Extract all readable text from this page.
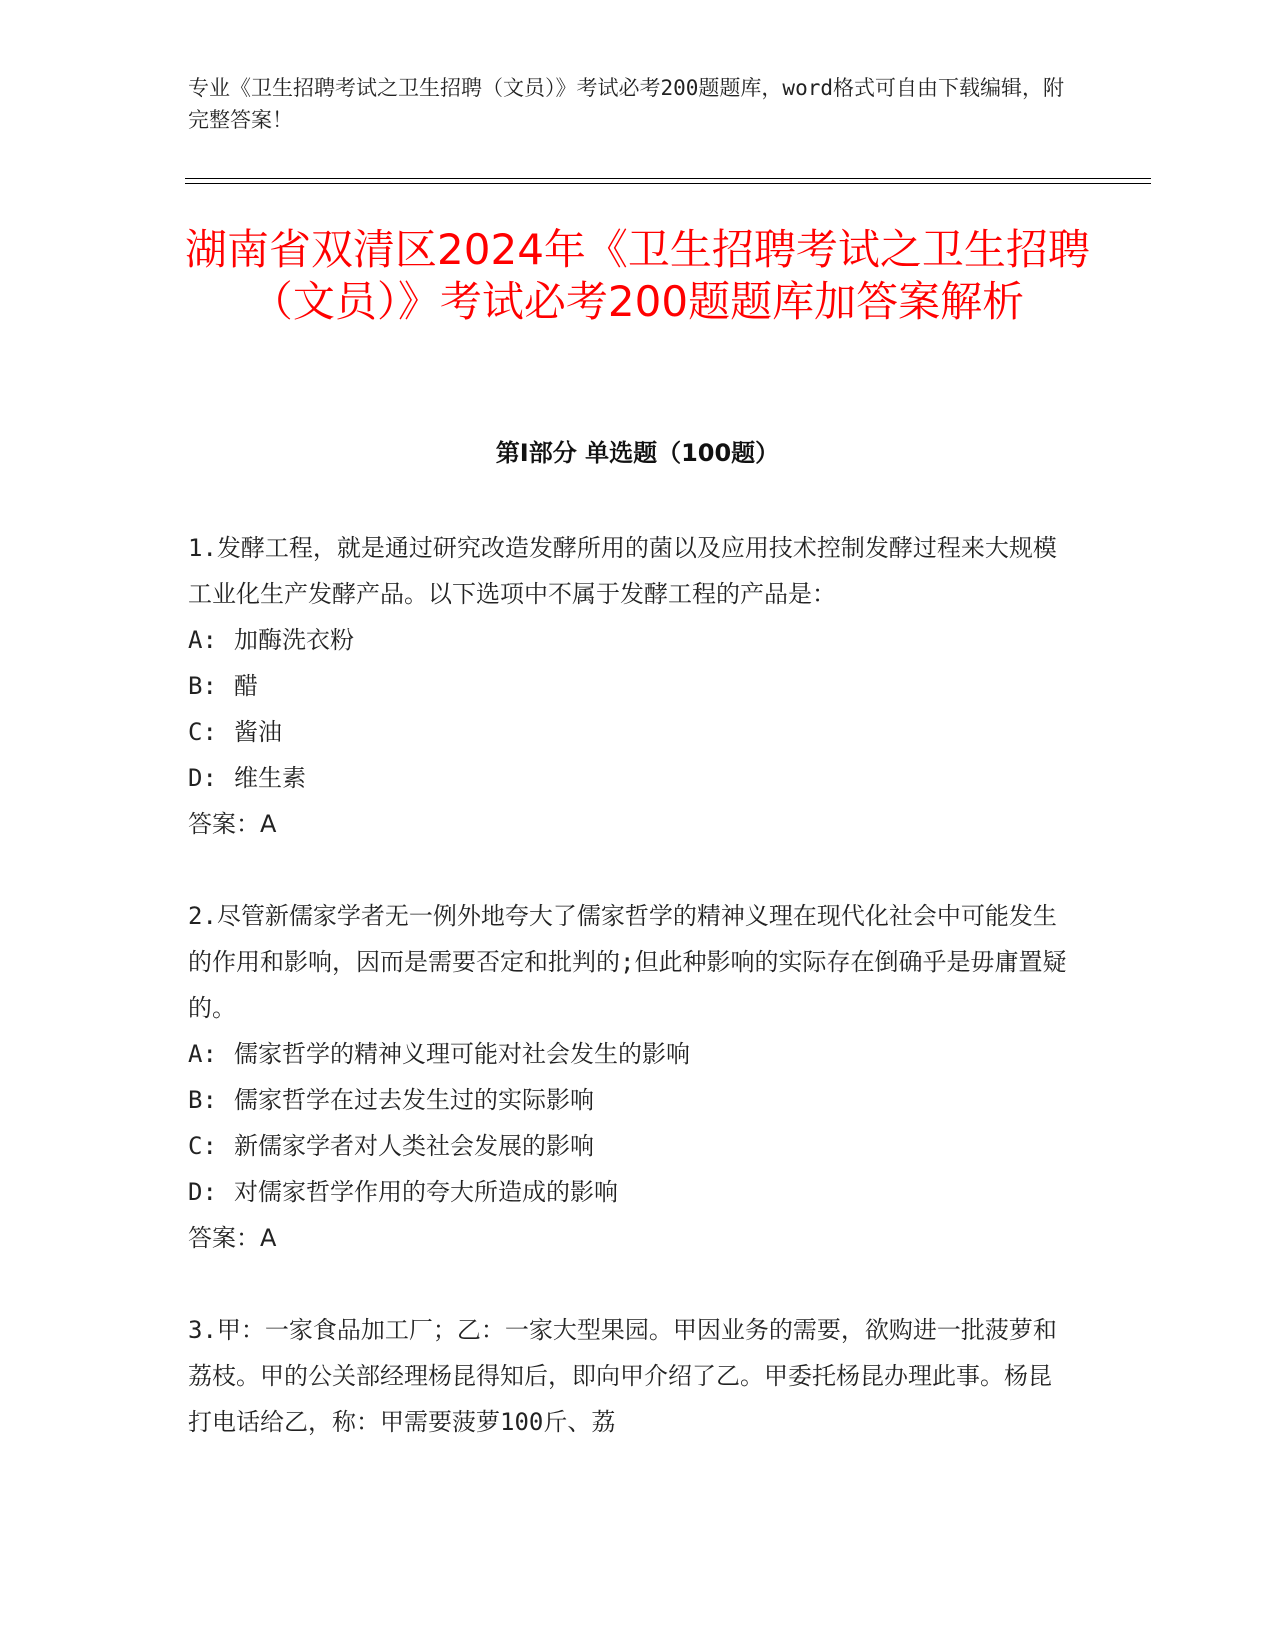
专业《卫生招聘考试之卫生招聘（文员）》考试必考200题题库，word格式可自由下载编辑，附完整答案！
湖南省双清区2024年《卫生招聘考试之卫生招聘（文员）》考试必考200题题库加答案解析
第Ⅰ部分 单选题（100题）

1.发酵工程，就是通过研究改造发酵所用的菌以及应用技术控制发酵过程来大规模工业化生产发酵产品。以下选项中不属于发酵工程的产品是：

A: 加酶洗衣粉
B: 醋
C: 酱油
D: 维生素

答案：A

2.尽管新儒家学者无一例外地夸大了儒家哲学的精神义理在现代化社会中可能发生的作用和影响，因而是需要否定和批判的;但此种影响的实际存在倒确乎是毋庸置疑的。

A: 儒家哲学的精神义理可能对社会发生的影响
B: 儒家哲学在过去发生过的实际影响
C: 新儒家学者对人类社会发展的影响
D: 对儒家哲学作用的夸大所造成的影响

答案：A

3.甲：一家食品加工厂；乙：一家大型果园。甲因业务的需要，欲购进一批菠萝和荔枝。甲的公关部经理杨昆得知后，即向甲介绍了乙。甲委托杨昆办理此事。杨昆打电话给乙，称：甲需要菠萝100斤、荔
